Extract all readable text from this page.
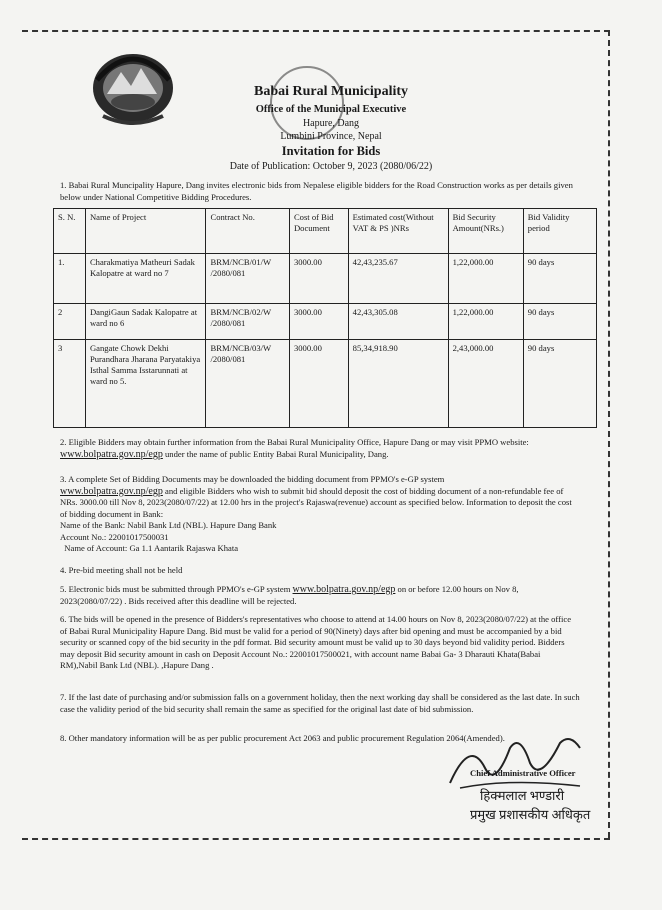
Babai Rural Municipality
Office of the Municipal Executive
Hapure, Dang
Lumbini Province, Nepal
Invitation for Bids
Date of Publication: October 9, 2023 (2080/06/22)
1. Babai Rural Muncipality Hapure, Dang invites electronic bids from Nepalese eligible bidders for the Road Construction works as per details given below under National Competitive Bidding Procedures.
S. N.	Name of Project	Contract No.	Cost of Bid Document	Estimated cost(Without VAT & PS )NRs	Bid Security Amount(NRs.)	Bid Validity period
1.	Charakmatiya Matheuri Sadak Kalopatre at ward no 7	BRM/NCB/01/W /2080/081	3000.00	42,43,235.67	1,22,000.00	90 days
2	DangiGaun Sadak Kalopatre at ward no 6	BRM/NCB/02/W /2080/081	3000.00	42,43,305.08	1,22,000.00	90 days
3	Gangate Chowk Dekhi Purandhara Jharana Paryatakiya Isthal Samma Isstarunnati at ward no 5.	BRM/NCB/03/W /2080/081	3000.00	85,34,918.90	2,43,000.00	90 days
2. Eligible Bidders may obtain further information from the Babai Rural Municipality Office, Hapure Dang or may visit PPMO website: www.bolpatra.gov.np/egp under the name of public Entity Babai Rural Municipality, Dang.
3. A complete Set of Bidding Documents may be downloaded the bidding document from PPMO's e-GP system
www.bolpatra.gov.np/egp and eligible Bidders who wish to submit bid should deposit the cost of bidding document of a non-refundable fee of NRs. 3000.00 till Nov 8, 2023(2080/07/22) at 12.00 hrs in the project's Rajaswa(revenue) account as specified below. Information to deposit the cost of bidding document in Bank:
Name of the Bank: Nabil Bank Ltd (NBL). Hapure Dang Bank
Account No.: 22001017500031
Name of Account: Ga 1.1 Aantarik Rajaswa Khata
4. Pre-bid meeting shall not be held
5. Electronic bids must be submitted through PPMO's e-GP system www.bolpatra.gov.np/egp on or before 12.00 hours on Nov 8, 2023(2080/07/22) . Bids received after this deadline will be rejected.
6. The bids will be opened in the presence of Bidders's representatives who choose to attend at 14.00 hours on Nov 8, 2023(2080/07/22) at the office of Babai Rural Municipality Hapure Dang. Bid must be valid for a period of 90(Ninety) days after bid opening and must be accompanied by a bid security or scanned copy of the bid security in the pdf format. Bid security amount must be valid up to 30 days beyond bid validity period. Bidders may deposit Bid security amount in cash on Deposit Account No.: 22001017500021, with account name Babai Ga- 3 Dharauti Khata(Babai RM),Nabil Bank Ltd (NBL). ,Hapure Dang .
7. If the last date of purchasing and/or submission falls on a government holiday, then the next working day shall be considered as the last date. In such case the validity period of the bid security shall remain the same as specified for the original last date of bid submission.
8. Other mandatory information will be as per public procurement Act 2063 and public procurement Regulation 2064(Amended).
Chief Administrative Officer
हिक्मलाल भण्डारी
प्रमुख प्रशासकीय अधिकृत
